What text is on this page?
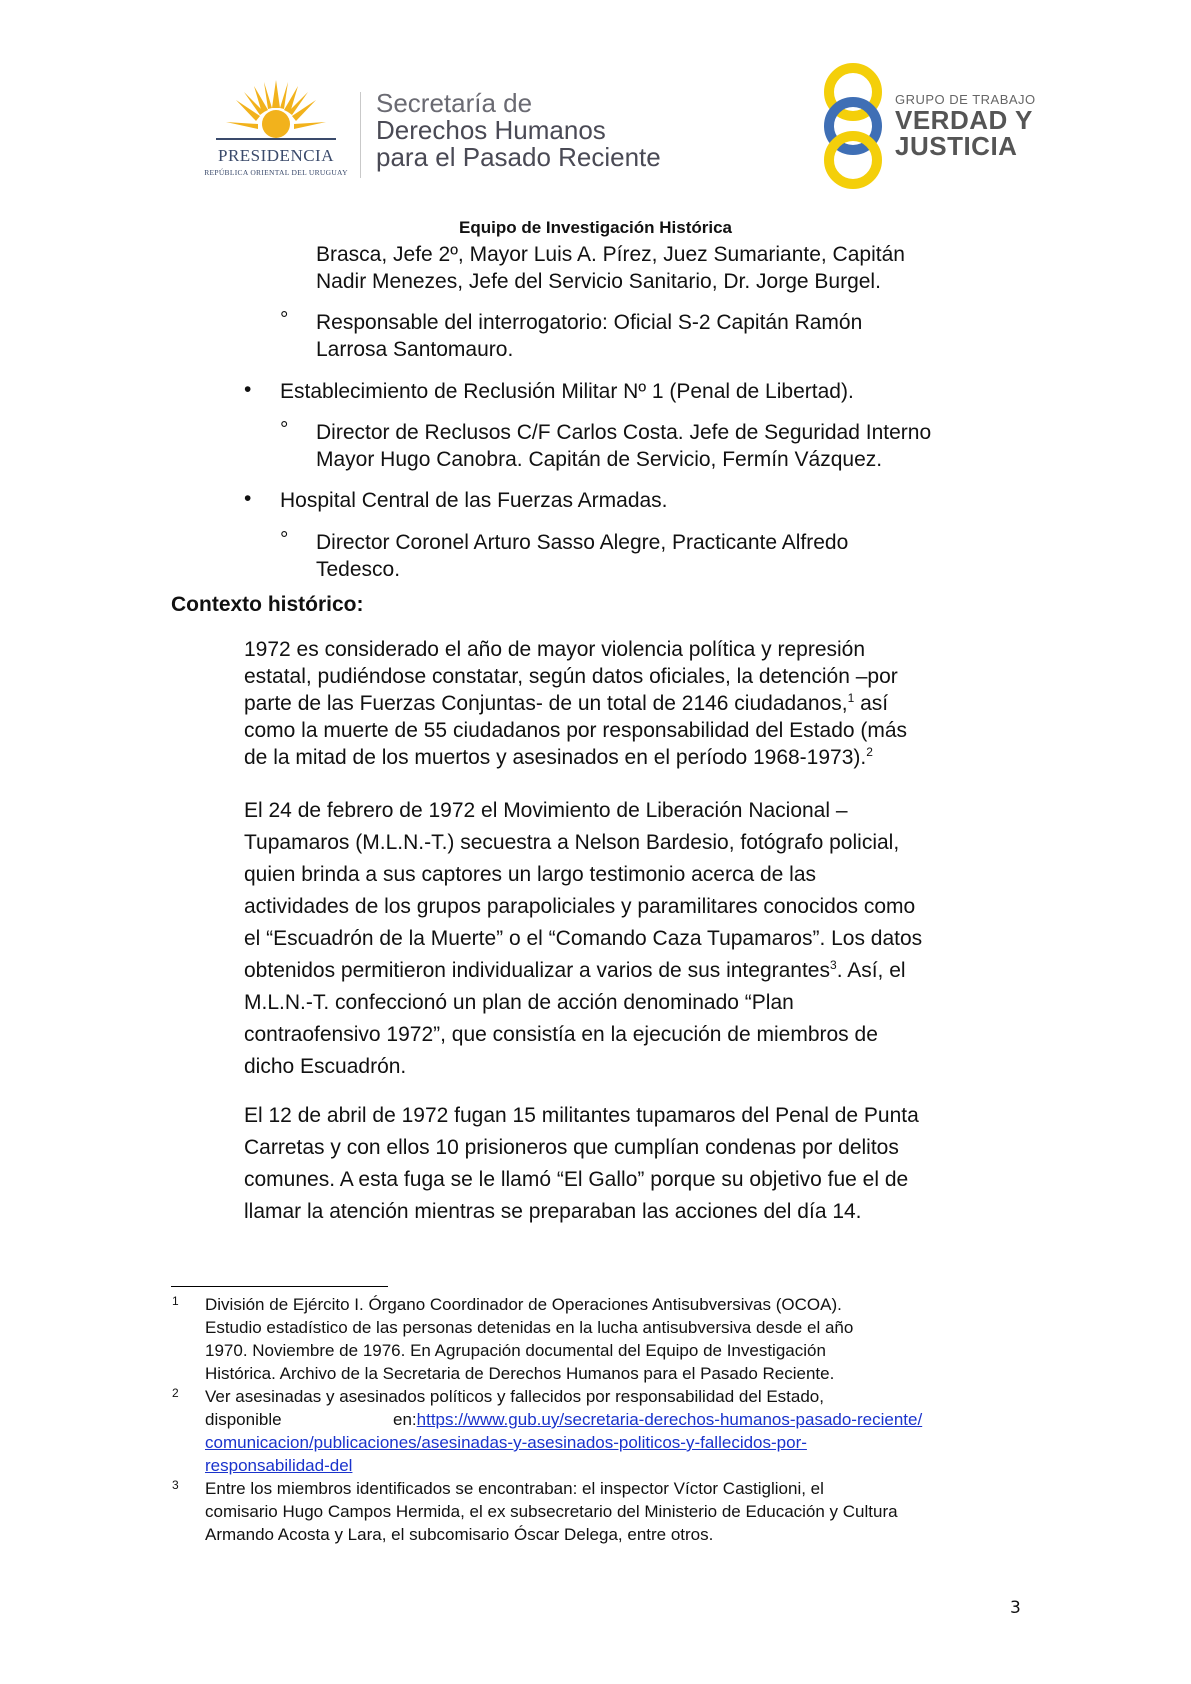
PRESIDENCIA
REPÚBLICA ORIENTAL DEL URUGUAY
Secretaría de
Derechos Humanos
para el Pasado Reciente
GRUPO DE TRABAJO
VERDAD Y
JUSTICIA
Equipo de Investigación Histórica
Brasca, Jefe 2º, Mayor Luis A. Pírez, Juez Sumariante, Capitán
Nadir Menezes, Jefe del Servicio Sanitario, Dr. Jorge Burgel.
° Responsable del interrogatorio: Oficial S-2 Capitán Ramón
Larrosa Santomauro.
• Establecimiento de Reclusión Militar Nº 1 (Penal de Libertad).
° Director de Reclusos C/F Carlos Costa. Jefe de Seguridad Interno
Mayor Hugo Canobra. Capitán de Servicio, Fermín Vázquez.
• Hospital Central de las Fuerzas Armadas.
° Director Coronel Arturo Sasso Alegre, Practicante Alfredo
Tedesco.
Contexto histórico:
1972 es considerado el año de mayor violencia política y represión
estatal, pudiéndose constatar, según datos oficiales, la detención –por
parte de las Fuerzas Conjuntas- de un total de 2146 ciudadanos,$^1$ así
como la muerte de 55 ciudadanos por responsabilidad del Estado (más
de la mitad de los muertos y asesinados en el período 1968-1973).$^2$
El 24 de febrero de 1972 el Movimiento de Liberación Nacional –
Tupamaros (M.L.N.-T.) secuestra a Nelson Bardesio, fotógrafo policial,
quien brinda a sus captores un largo testimonio acerca de las
actividades de los grupos parapoliciales y paramilitares conocidos como
el “Escuadrón de la Muerte” o el “Comando Caza Tupamaros”. Los datos
obtenidos permitieron individualizar a varios de sus integrantes$^3$. Así, el
M.L.N.-T. confeccionó un plan de acción denominado “Plan
contraofensivo 1972”, que consistía en la ejecución de miembros de
dicho Escuadrón.
El 12 de abril de 1972 fugan 15 militantes tupamaros del Penal de Punta
Carretas y con ellos 10 prisioneros que cumplían condenas por delitos
comunes. A esta fuga se le llamó “El Gallo” porque su objetivo fue el de
llamar la atención mientras se preparaban las acciones del día 14.
1 División de Ejército I. Órgano Coordinador de Operaciones Antisubversivas (OCOA).
Estudio estadístico de las personas detenidas en la lucha antisubversiva desde el año
1970. Noviembre de 1976. En Agrupación documental del Equipo de Investigación
Histórica. Archivo de la Secretaria de Derechos Humanos para el Pasado Reciente.
2 Ver asesinadas y asesinados políticos y fallecidos por responsabilidad del Estado,
disponible	en: https://www.gub.uy/secretaria-derechos-humanos-pasado-reciente/
comunicacion/publicaciones/asesinadas-y-asesinados-politicos-y-fallecidos-por-
responsabilidad-del
3 Entre los miembros identificados se encontraban: el inspector Víctor Castiglioni, el
comisario Hugo Campos Hermida, el ex subsecretario del Ministerio de Educación y Cultura
Armando Acosta y Lara, el subcomisario Óscar Delega, entre otros.
3
